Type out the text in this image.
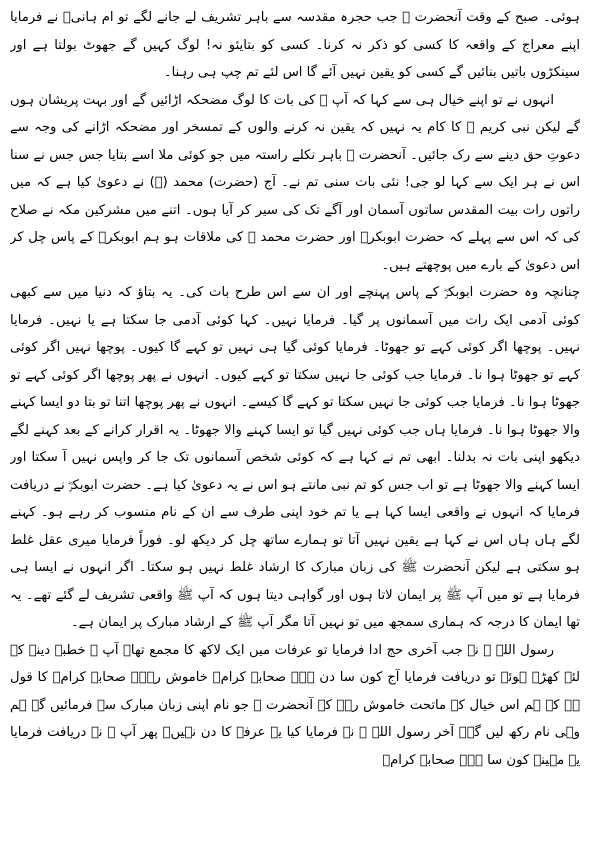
ہوئی۔ صبح کے وقت آنحضرت ﷺ جب حجرہ مقدسہ سے باہر تشریف لے جانے لگے تو ام ہانیؓ نے فرمایا اپنے معراج کے واقعہ کا کسی کو ذکر نہ کرنا۔ کسی کو بتایئو نہ! لوگ کہیں گے جھوٹ بولتا ہے اور سینکڑوں باتیں بنائیں گے کسی کو یقین نہیں آئے گا اس لئے تم چپ ہی رہنا۔

انہوں نے تو اپنے خیال ہی سے کہا کہ آپ ﷺ کی بات کا لوگ مضحکہ اڑائیں گے اور بہت پریشان ہوں گے لیکن نبی کریم ﷺ کا کام یہ نہیں کہ یقین نہ کرنے والوں کے تمسخر اور مضحکہ اڑانے کی وجہ سے دعوتِ حق دینے سے رک جائیں۔ آنحضرت ﷺ باہر نکلے راستہ میں جو کوئی ملا اسے بتایا جس جس نے سنا اس نے ہر ایک سے کہا لو جی! نئی بات سنی تم نے۔ آج (حضرت) محمد (ﷺ) نے دعویٰ کیا ہے کہ میں راتوں رات بیت المقدس ساتوں آسمان اور آگے تک کی سیر کر آیا ہوں۔ اتنے میں مشرکین مکہ نے صلاح کی کہ اس سے پہلے کہ حضرت ابوبکرؓ اور حضرت محمد ﷺ کی ملاقات ہو ہم ابوبکرؓ کے پاس چل کر اس دعویٰ کے بارے میں پوچھتے ہیں۔

چنانچہ وہ حضرت ابوبکرؓ کے پاس پہنچے اور ان سے اس طرح بات کی۔ یہ بتاؤ کہ دنیا میں سے کبھی کوئی آدمی ایک رات میں آسمانوں پر گیا۔ فرمایا نہیں۔ کہا کوئی آدمی جا سکتا ہے یا نہیں۔ فرمایا نہیں۔ پوچھا اگر کوئی کہے تو جھوٹا۔ فرمایا کوئی گیا ہی نہیں تو کہے گا کیوں۔ پوچھا نہیں اگر کوئی کہے تو جھوٹا ہوا نا۔ فرمایا جب کوئی جا نہیں سکتا تو کہے کیوں۔ انہوں نے پھر پوچھا اگر کوئی کہے تو جھوٹا ہوا نا۔ فرمایا جب کوئی جا نہیں سکتا تو کہے گا کیسے۔ انہوں نے پھر پوچھا اتنا تو بتا دو ایسا کہنے والا جھوٹا ہوا نا۔ فرمایا ہاں جب کوئی نہیں گیا تو ایسا کہنے والا جھوٹا۔ یہ اقرار کرانے کے بعد کہنے لگے دیکھو اپنی بات نہ بدلنا۔ ابھی تم نے کہا ہے کہ کوئی شخص آسمانوں تک جا کر واپس نہیں آ سکتا اور ایسا کہنے والا جھوٹا ہے تو اب جس کو تم نبی مانتے ہو اس نے یہ دعویٰ کیا ہے۔ حضرت ابوبکرؓ نے دریافت فرمایا کہ انہوں نے واقعی ایسا کہا ہے یا تم خود اپنی طرف سے ان کے نام منسوب کر رہے ہو۔ کہنے لگے ہاں ہاں اس نے کہا ہے یقین نہیں آتا تو ہمارے ساتھ چل کر دیکھ لو۔ فوراً فرمایا میری عقل غلط ہو سکتی ہے لیکن آنحضرت ﷺ کی زبان مبارک کا ارشاد غلط نہیں ہو سکتا۔ اگر انہوں نے ایسا ہی فرمایا ہے تو میں آپ ﷺ پر ایمان لاتا ہوں اور گواہی دیتا ہوں کہ آپ ﷺ واقعی تشریف لے گئے تھے۔ یہ تھا ایمان کا درجہ کہ ہماری سمجھ میں تو نہیں آتا مگر آپ ﷺ کے ارشاد مبارک پر ایمان ہے۔

رسول اللہ ﷺ نے جب آخری حج ادا فرمایا تو عرفات میں ایک لاکھ کا مجمع تھا۔ آپ ﷺ خطبہ دینے کے لئے کھڑے ہوئے تو دریافت فرمایا آج کون سا دن ہے۔ صحابہ کرامؓ خاموش رہے۔ صحابہ کرامؓ کا قول ہے کہ ہم اس خیال کے ماتحت خاموش رہے کہ آنحضرت ﷺ جو نام اپنی زبان مبارک سے فرمائیں گے ہم وہی نام رکھ لیں گے۔ آخر رسول اللہ ﷺ نے فرمایا کیا یہ عرفہ کا دن نہیں۔ پھر آپ ﷺ نے دریافت فرمایا یہ مہینہ کون سا ہے۔ صحابہ کرامؓ
